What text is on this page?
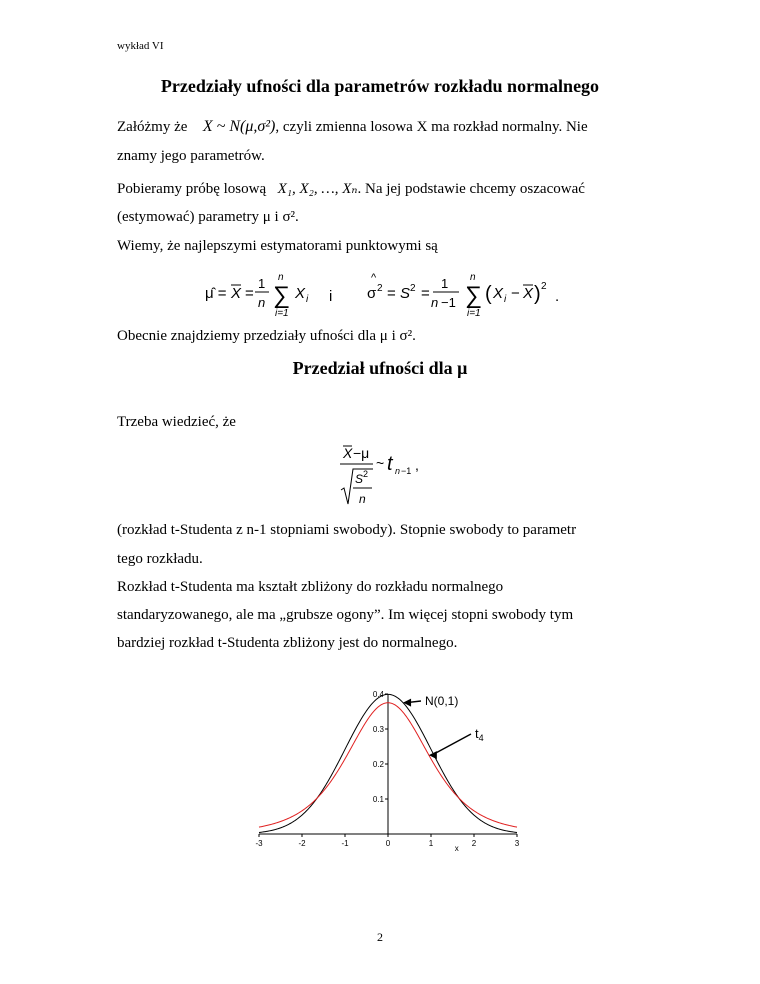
wykład VI
Przedziały ufności dla parametrów rozkładu normalnego
Załóżmy że X ~ N(μ,σ²), czyli zmienna losowa X ma rozkład normalny. Nie
znamy jego parametrów.
Pobieramy próbę losową X₁, X₂, …, Xₙ. Na jej podstawie chcemy oszacować
(estymować) parametry μ i σ².
Wiemy, że najlepszymi estymatorami punktowymi są
μ̂ = X =
1
n
n
∑
i=1
X i i
^
σ 2 = S 2 =
1
n −1
n
∑
i=1
( X i − X ) 2
.
Obecnie znajdziemy przedziały ufności dla μ i σ².
Przedział ufności dla μ
Trzeba wiedzieć, że
X −μ
S 2
n
~ t n −1 ,
(rozkład t-Studenta z n-1 stopniami swobody). Stopnie swobody to parametr
tego rozkładu.
Rozkład t-Studenta ma kształt zbliżony do rozkładu normalnego
standaryzowanego, ale ma „grubsze ogony”. Im więcej stopni swobody tym
bardziej rozkład t-Studenta zbliżony jest do normalnego.
-3	-2	-1	0	1	2	3
0.1
0.2
0.3
0.4
x
N(0,1)
$t_4$
2
